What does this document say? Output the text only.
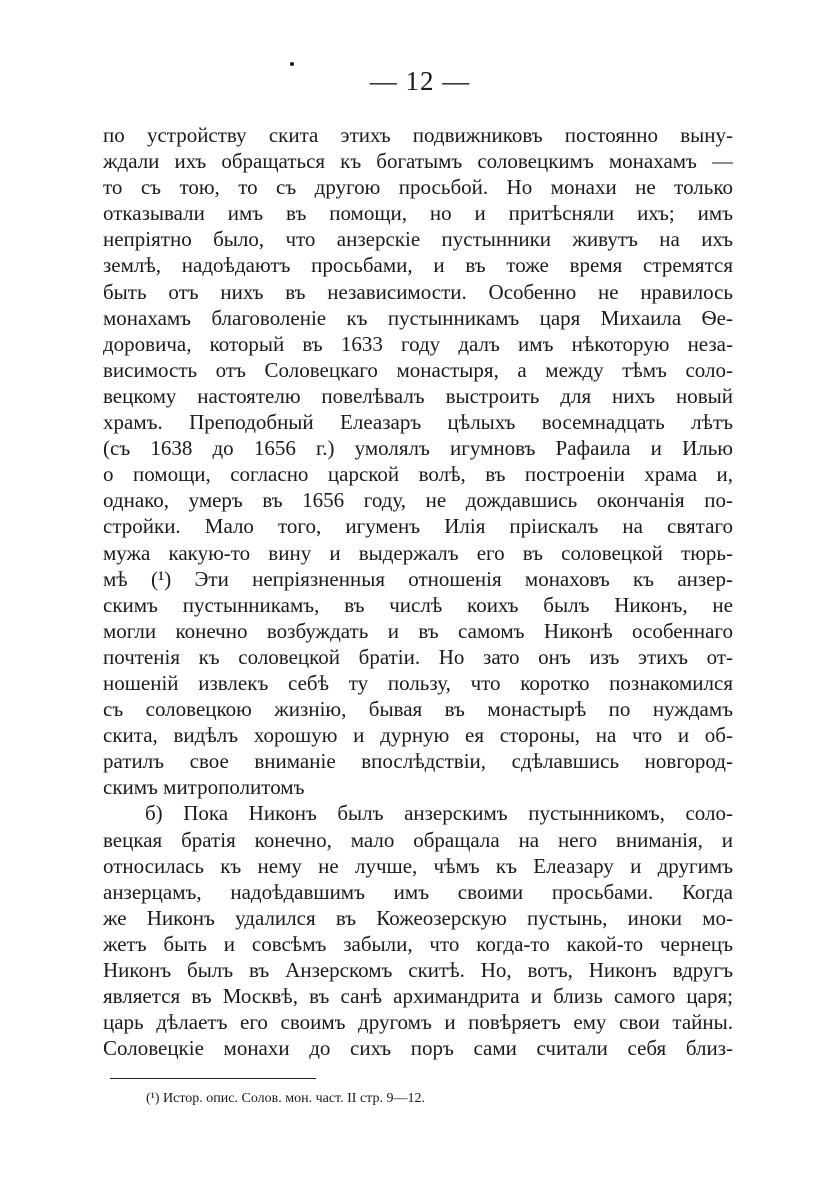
— 12 —
по устройству скита этихъ подвижниковъ постоянно выну-
ждали ихъ обращаться къ богатымъ соловецкимъ монахамъ —
то съ тою, то съ другою просьбой. Но монахи не только
отказывали имъ въ помощи, но и притѣсняли ихъ; имъ
непріятно было, что анзерскіе пустынники живутъ на ихъ
землѣ, надоѣдаютъ просьбами, и въ тоже время стремятся
быть отъ нихъ въ независимости. Особенно не нравилось
монахамъ благоволеніе къ пустынникамъ царя Михаила Ѳе-
доровича, который въ 1633 году далъ имъ нѣкоторую неза-
висимость отъ Соловецкаго монастыря, а между тѣмъ соло-
вецкому настоятелю повелѣвалъ выстроить для нихъ новый
храмъ. Преподобный Елеазаръ цѣлыхъ восемнадцать лѣтъ
(съ 1638 до 1656 г.) умолялъ игумновъ Рафаила и Илью
о помощи, согласно царской волѣ, въ построеніи храма и,
однако, умеръ въ 1656 году, не дождавшись окончанія по-
стройки. Мало того, игуменъ Илія пріискалъ на святаго
мужа какую-то вину и выдержалъ его въ соловецкой тюрь-
мѣ (¹) Эти непріязненныя отношенія монаховъ къ анзер-
скимъ пустынникамъ, въ числѣ коихъ былъ Никонъ, не
могли конечно возбуждать и въ самомъ Никонѣ особеннаго
почтенія къ соловецкой братіи. Но зато онъ изъ этихъ от-
ношеній извлекъ себѣ ту пользу, что коротко познакомился
съ соловецкою жизнію, бывая въ монастырѣ по нуждамъ
скита, видѣлъ хорошую и дурную ея стороны, на что и об-
ратилъ свое вниманіе впослѣдствіи, сдѣлавшись новгород-
скимъ митрополитомъ
б) Пока Никонъ былъ анзерскимъ пустынникомъ, соло-
вецкая братія конечно, мало обращала на него вниманія, и
относилась къ нему не лучше, чѣмъ къ Елеазару и другимъ
анзерцамъ, надоѣдавшимъ имъ своими просьбами. Когда
же Никонъ удалился въ Кожеозерскую пустынь, иноки мо-
жетъ быть и совсѣмъ забыли, что когда-то какой-то чернецъ
Никонъ былъ въ Анзерскомъ скитѣ. Но, вотъ, Никонъ вдругъ
является въ Москвѣ, въ санѣ архимандрита и близь самого царя;
царь дѣлаетъ его своимъ другомъ и повѣряетъ ему свои тайны.
Соловецкіе монахи до сихъ поръ сами считали себя близ-
(¹) Истор. опис. Солов. мон. част. II стр. 9—12.
